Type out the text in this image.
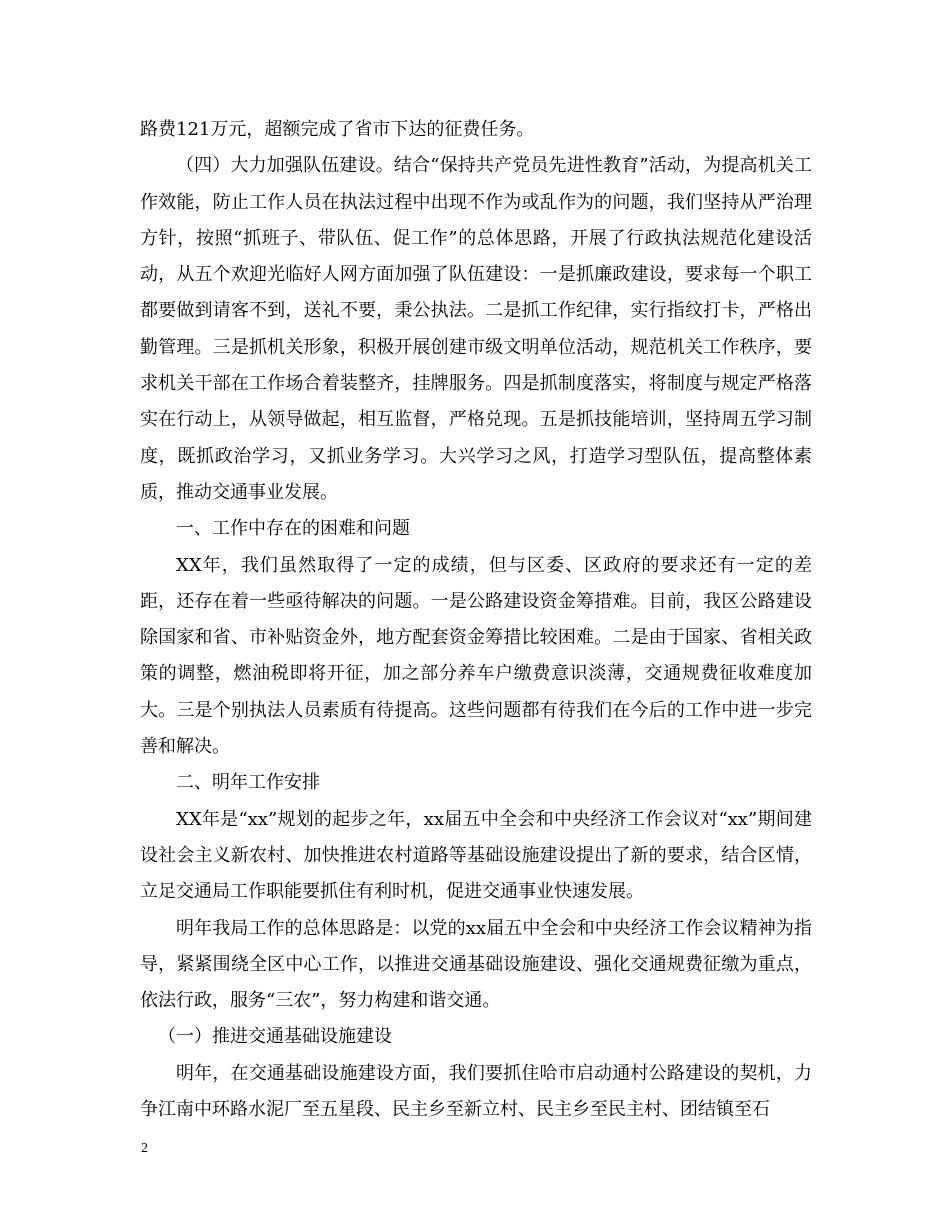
路费121万元，超额完成了省市下达的征费任务。

（四）大力加强队伍建设。结合“保持共产党员先进性教育”活动，为提高机关工作效能，防止工作人员在执法过程中出现不作为或乱作为的问题，我们坚持从严治理方针，按照“抓班子、带队伍、促工作”的总体思路，开展了行政执法规范化建设活动，从五个欢迎光临好人网方面加强了队伍建设：一是抓廉政建设，要求每一个职工都要做到请客不到，送礼不要，秉公执法。二是抓工作纪律，实行指纹打卡，严格出勤管理。三是抓机关形象，积极开展创建市级文明单位活动，规范机关工作秩序，要求机关干部在工作场合着装整齐，挂牌服务。四是抓制度落实，将制度与规定严格落实在行动上，从领导做起，相互监督，严格兑现。五是抓技能培训，坚持周五学习制度，既抓政治学习，又抓业务学习。大兴学习之风，打造学习型队伍，提高整体素质，推动交通事业发展。

一、工作中存在的困难和问题

XX年，我们虽然取得了一定的成绩，但与区委、区政府的要求还有一定的差距，还存在着一些亟待解决的问题。一是公路建设资金筹措难。目前，我区公路建设除国家和省、市补贴资金外，地方配套资金筹措比较困难。二是由于国家、省相关政策的调整，燃油税即将开征，加之部分养车户缴费意识淡薄，交通规费征收难度加大。三是个别执法人员素质有待提高。这些问题都有待我们在今后的工作中进一步完善和解决。

二、明年工作安排

XX年是“xx”规划的起步之年，xx届五中全会和中央经济工作会议对“xx”期间建设社会主义新农村、加快推进农村道路等基础设施建设提出了新的要求，结合区情，立足交通局工作职能要抓住有利时机，促进交通事业快速发展。

明年我局工作的总体思路是：以党的xx届五中全会和中央经济工作会议精神为指导，紧紧围绕全区中心工作，以推进交通基础设施建设、强化交通规费征缴为重点，依法行政，服务“三农”，努力构建和谐交通。

（一）推进交通基础设施建设

明年，在交通基础设施建设方面，我们要抓住哈市启动通村公路建设的契机，力争江南中环路水泥厂至五星段、民主乡至新立村、民主乡至民主村、团结镇至石

2
